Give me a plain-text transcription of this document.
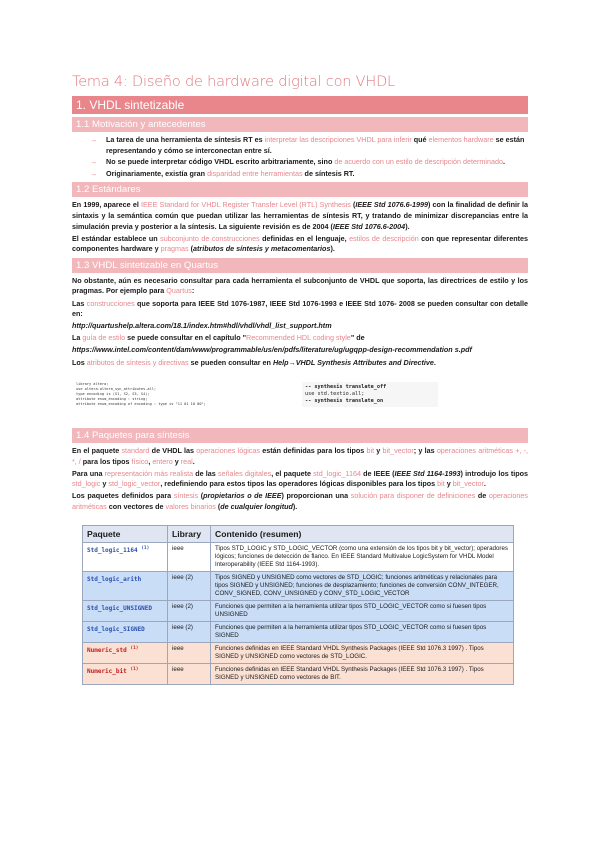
Tema 4: Diseño de hardware digital con VHDL
1. VHDL sintetizable
1.1 Motivación y antecedentes
→ La tarea de una herramienta de síntesis RT es interpretar las descripciones VHDL para inferir qué elementos hardware se están representando y cómo se interconectan entre sí.
→ No se puede interpretar código VHDL escrito arbitrariamente, sino de acuerdo con un estilo de descripción determinado.
→ Originariamente, existía gran disparidad entre herramientas de síntesis RT.
1.2 Estándares

En 1999, aparece el IEEE Standard for VHDL Register Transfer Level (RTL) Synthesis (IEEE Std 1076.6-1999) con la finalidad de definir la sintaxis y la semántica común que puedan utilizar las herramientas de síntesis RT, y tratando de minimizar discrepancias entre la simulación previa y posterior a la síntesis. La siguiente revisión es de 2004 (IEEE Std 1076.6-2004).

El estándar establece un subconjunto de construcciones definidas en el lenguaje, estilos de descripción con que representar diferentes componentes hardware y pragmas (atributos de síntesis y metacomentarios).

1.3 VHDL sintetizable en Quartus

No obstante, aún es necesario consultar para cada herramienta el subconjunto de VHDL que soporta, las directrices de estilo y los pragmas. Por ejemplo para Quartus:

Las construcciones que soporta para IEEE Std 1076-1987, IEEE Std 1076-1993 e IEEE Std 1076- 2008 se pueden consultar con detalle en:

http://quartushelp.altera.com/18.1/index.htm#hdl/vhdl/vhdl_list_support.htm

La guía de estilo se puede consultar en el capítulo "Recommended HDL coding style" de

https://www.intel.com/content/dam/www/programmable/us/en/pdfs/literature/ug/ugqpp-design-recommendation s.pdf

Los atributos de síntesis y directivas se pueden consultar en Help→VHDL Synthesis Attributes and Directive.

library altera;
use altera.altera_syn_attributes.all;
type encoding is (S1, S2, S3, S4);
attribute enum_encoding : string;
attribute enum_encoding of encoding : type is "11 01 10 00";
-- synthesis translate_off
use std.textio.all;
-- synthesis translate_on
1.4 Paquetes para síntesis

En el paquete standard de VHDL las operaciones lógicas están definidas para los tipos bit y bit_vector; y las operaciones aritméticas +, -, *, / para los tipos físico, entero y real.

Para una representación más realista de las señales digitales, el paquete std_logic_1164 de IEEE (IEEE Std 1164-1993) introdujo los tipos std_logic y std_logic_vector, redefiniendo para estos tipos las operadores lógicas disponibles para los tipos bit y bit_vector.

Los paquetes definidos para síntesis (propietarios o de IEEE) proporcionan una solución para disponer de definiciones de operaciones aritméticas con vectores de valores binarios (de cualquier longitud).

Paquete	Library	Contenido (resumen)
Std_logic_1164 $^{(1)}$	ieee	Tipos STD_LOGIC y STD_LOGIC_VECTOR (como una extensión de los tipos bit y bit_vector); operadores lógicos; funciones de detección de flanco. En IEEE Standard Multivalue LogicSystem for VHDL Model Interoperability (IEEE Std 1164-1993).
Std_logic_arith	ieee (2)	Tipos SIGNED y UNSIGNED como vectores de STD_LOGIC; funciones aritméticas y relacionales para tipos SIGNED y UNSIGNED; funciones de desplazamiento; funciones de conversión CONV_INTEGER, CONV_SIGNED, CONV_UNSIGNED y CONV_STD_LOGIC_VECTOR
Std_logic_UNSIGNED	ieee (2)	Funciones que permiten a la herramienta utilizar tipos STD_LOGIC_VECTOR como si fuesen tipos UNSIGNED
Std_logic_SIGNED	ieee (2)	Funciones que permiten a la herramienta utilizar tipos STD_LOGIC_VECTOR como si fuesen tipos SIGNED
Numeric_std $^{(1)}$	ieee	Funciones definidas en IEEE Standard VHDL Synthesis Packages (IEEE Std 1076.3 1997) . Tipos SIGNED y UNSIGNED como vectores de STD_LOGIC.
Numeric_bit $^{(1)}$	ieee	Funciones definidas en IEEE Standard VHDL Synthesis Packages (IEEE Std 1076.3 1997) . Tipos SIGNED y UNSIGNED como vectores de BIT.
